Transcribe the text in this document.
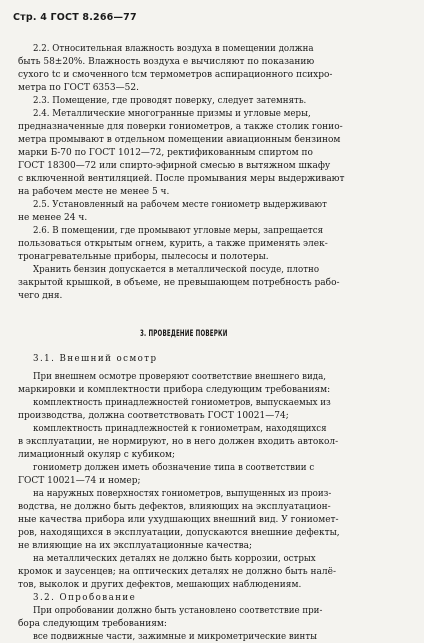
Стр. 4 ГОСТ 8.266—77
2.2. Относительная влажность воздуха в помещении должна
быть 58±20%. Влажность воздуха e вычисляют по показанию
сухого tс и смоченного tсм термометров аспирационного психро-
метра по ГОСТ 6353—52.
2.3. Помещение, где проводят поверку, следует затемнять.
2.4. Металлические многогранные призмы и угловые меры,
предназначенные для поверки гониометров, а также столик гонио-
метра промывают в отдельном помещении авиационным бензином
марки Б-70 по ГОСТ 1012—72, ректификованным спиртом по
ГОСТ 18300—72 или спирто-эфирной смесью в вытяжном шкафу
с включенной вентиляцией. После промывания меры выдерживают
на рабочем месте не менее 5 ч.
2.5. Установленный на рабочем месте гониометр выдерживают
не менее 24 ч.
2.6. В помещении, где промывают угловые меры, запрещается
пользоваться открытым огнем, курить, а также применять элек-
тронагревательные приборы, пылесосы и полотеры.
Хранить бензин допускается в металлической посуде, плотно
закрытой крышкой, в объеме, не превышающем потребность рабо-
чего дня.
3. ПРОВЕДЕНИЕ ПОВЕРКИ
3.1. Внешний осмотр
При внешнем осмотре проверяют соответствие внешнего вида,
маркировки и комплектности прибора следующим требованиям:
комплектность принадлежностей гониометров, выпускаемых из
производства, должна соответствовать ГОСТ 10021—74;
комплектность принадлежностей к гониометрам, находящихся
в эксплуатации, не нормируют, но в него должен входить автокол-
лимационный окуляр с кубиком;
гониометр должен иметь обозначение типа в соответствии с
ГОСТ 10021—74 и номер;
на наружных поверхностях гониометров, выпущенных из произ-
водства, не должно быть дефектов, влияющих на эксплуатацион-
ные качества прибора или ухудшающих внешний вид. У гониомет-
ров, находящихся в эксплуатации, допускаются внешние дефекты,
не влияющие на их эксплуатационные качества;
на металлических деталях не должно быть коррозии, острых
кромок и заусенцев; на оптических деталях не должно быть налё-
тов, выколок и других дефектов, мешающих наблюдениям.
3.2. Опробование
При опробовании должно быть установлено соответствие при-
бора следующим требованиям:
все подвижные части, зажимные и микрометрические винты
